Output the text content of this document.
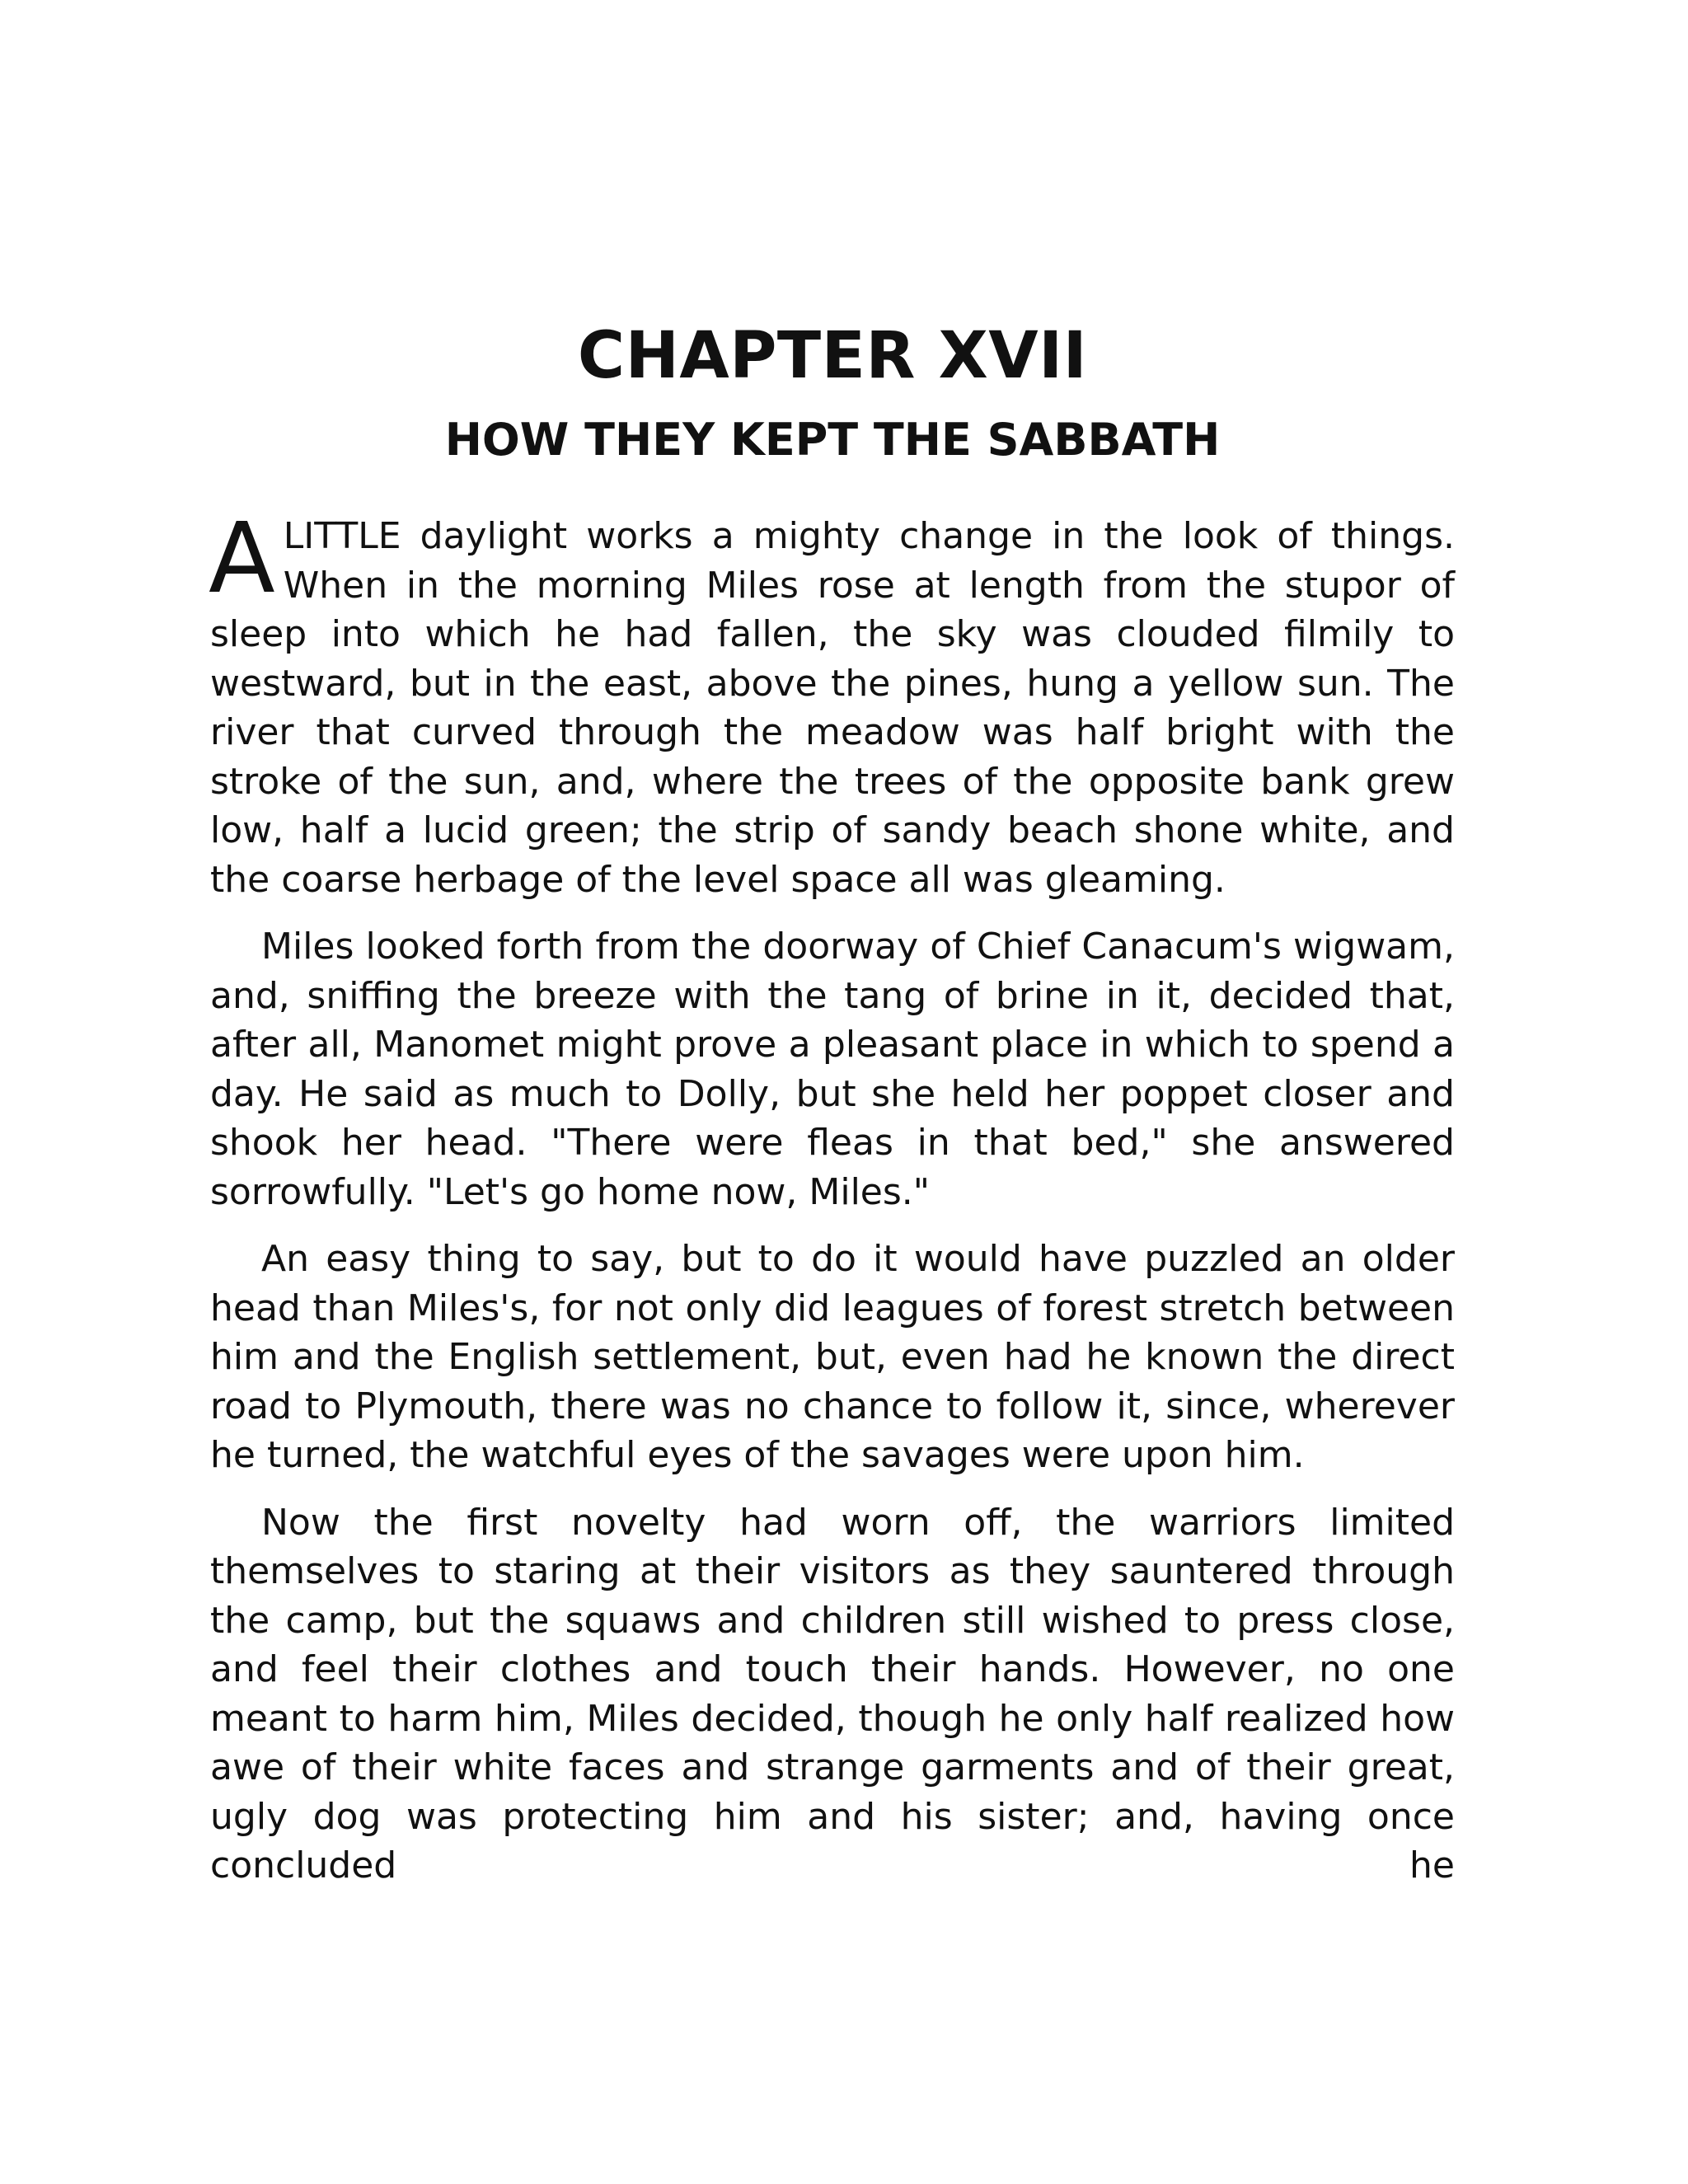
CHAPTER XVII
HOW THEY KEPT THE SABBATH

ALITTLE daylight works a mighty change in the look of things. When in the morning Miles rose at length from the stupor of sleep into which he had fallen, the sky was clouded filmily to westward, but in the east, above the pines, hung a yellow sun. The river that curved through the meadow was half bright with the stroke of the sun, and, where the trees of the opposite bank grew low, half a lucid green; the strip of sandy beach shone white, and the coarse herbage of the level space all was gleaming.

Miles looked forth from the doorway of Chief Canacum's wigwam, and, sniffing the breeze with the tang of brine in it, decided that, after all, Manomet might prove a pleasant place in which to spend a day. He said as much to Dolly, but she held her poppet closer and shook her head. "There were fleas in that bed," she answered sorrowfully. "Let's go home now, Miles."

An easy thing to say, but to do it would have puzzled an older head than Miles's, for not only did leagues of forest stretch between him and the English settlement, but, even had he known the direct road to Plymouth, there was no chance to follow it, since, wherever he turned, the watchful eyes of the savages were upon him.

Now the first novelty had worn off, the warriors limited themselves to staring at their visitors as they sauntered through the camp, but the squaws and children still wished to press close, and feel their clothes and touch their hands. However, no one meant to harm him, Miles decided, though he only half realized how awe of their white faces and strange garments and of their great, ugly dog was protecting him and his sister; and, having once concluded he
